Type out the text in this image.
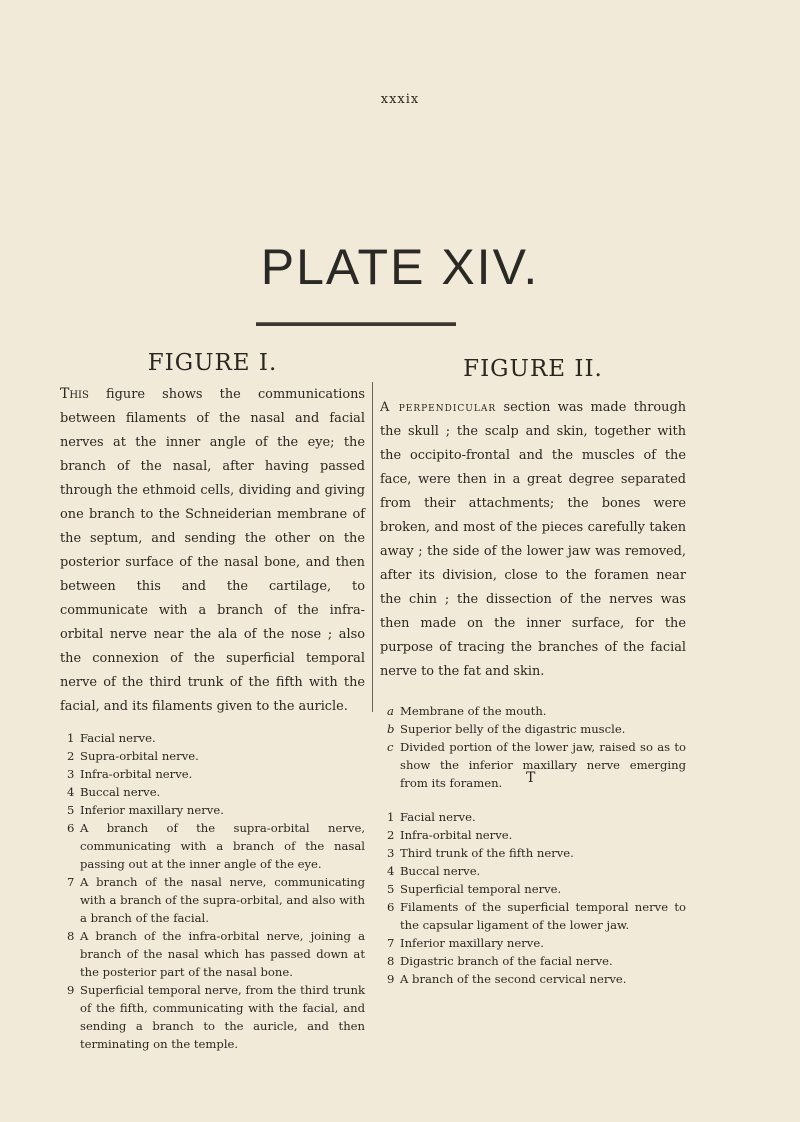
xxxix
PLATE XIV.
FIGURE I.

This figure shows the communications between filaments of the nasal and facial nerves at the inner angle of the eye; the branch of the nasal, after having passed through the ethmoid cells, dividing and giving one branch to the Schneiderian membrane of the septum, and sending the other on the posterior surface of the nasal bone, and then between this and the cartilage, to communicate with a branch of the infra-orbital nerve near the ala of the nose ; also the connexion of the superficial temporal nerve of the third trunk of the fifth with the facial, and its filaments given to the auricle.

1 Facial nerve.
2 Supra-orbital nerve.
3 Infra-orbital nerve.
4 Buccal nerve.
5 Inferior maxillary nerve.
6 A branch of the supra-orbital nerve, communicating with a branch of the nasal passing out at the inner angle of the eye.
7 A branch of the nasal nerve, communicating with a branch of the supra-orbital, and also with a branch of the facial.
8 A branch of the infra-orbital nerve, joining a branch of the nasal which has passed down at the posterior part of the nasal bone.
9 Superficial temporal nerve, from the third trunk of the fifth, communicating with the facial, and sending a branch to the auricle, and then terminating on the temple.
FIGURE II.

A perpendicular section was made through the skull ; the scalp and skin, together with the occipito-frontal and the muscles of the face, were then in a great degree separated from their attachments; the bones were broken, and most of the pieces carefully taken away ; the side of the lower jaw was removed, after its division, close to the foramen near the chin ; the dissection of the nerves was then made on the inner surface, for the purpose of tracing the branches of the facial nerve to the fat and skin.

a Membrane of the mouth.
b Superior belly of the digastric muscle.
c Divided portion of the lower jaw, raised so as to show the inferior maxillary nerve emerging from its foramen.
1 Facial nerve.
2 Infra-orbital nerve.
3 Third trunk of the fifth nerve.
4 Buccal nerve.
5 Superficial temporal nerve.
6 Filaments of the superficial temporal nerve to the capsular ligament of the lower jaw.
7 Inferior maxillary nerve.
8 Digastric branch of the facial nerve.
9 A branch of the second cervical nerve.
T
